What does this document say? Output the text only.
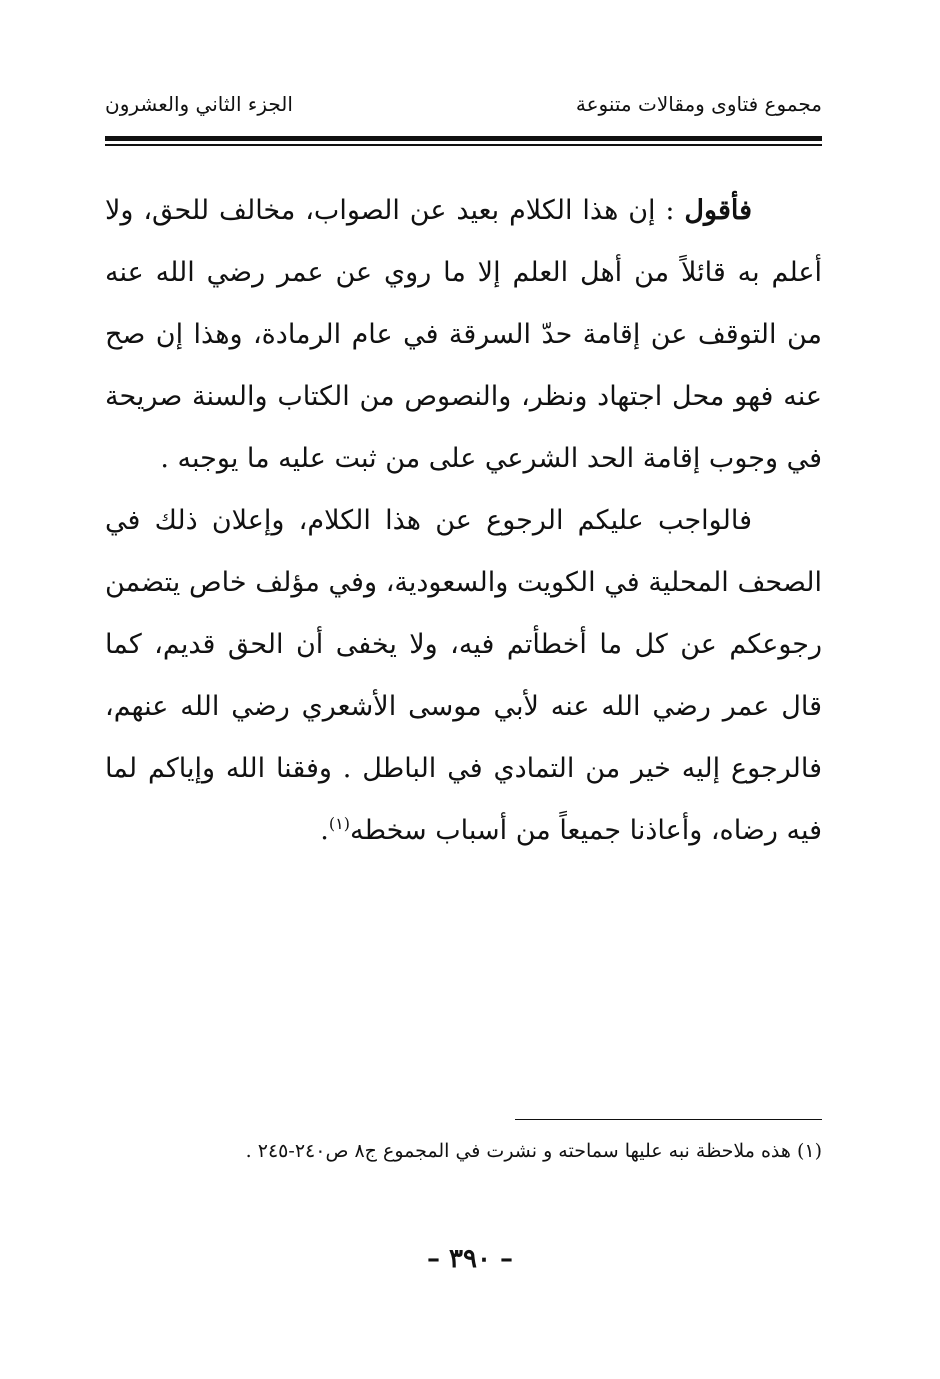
مجموع فتاوى ومقالات متنوعة
الجزء الثاني والعشرون

فأقول : إن هذا الكلام بعيد عن الصواب، مخالف للحق، ولا أعلم به قائلاً من أهل العلم إلا ما روي عن عمر رضي الله عنه من التوقف عن إقامة حدّ السرقة في عام الرمادة، وهذا إن صح عنه فهو محل اجتهاد ونظر، والنصوص من الكتاب والسنة صريحة في وجوب إقامة الحد الشرعي على من ثبت عليه ما يوجبه .

فالواجب عليكم الرجوع عن هذا الكلام، وإعلان ذلك في الصحف المحلية في الكويت والسعودية، وفي مؤلف خاص يتضمن رجوعكم عن كل ما أخطأتم فيه، ولا يخفى أن الحق قديم، كما قال عمر رضي الله عنه لأبي موسى الأشعري رضي الله عنهم، فالرجوع إليه خير من التمادي في الباطل . وفقنا الله وإياكم لما فيه رضاه، وأعاذنا جميعاً من أسباب سخطه$^{(١)}$.

(١) هذه ملاحظة نبه عليها سماحته و نشرت في المجموع ج٨ ص٢٤٠-٢٤٥ .
– ٣٩٠ –
